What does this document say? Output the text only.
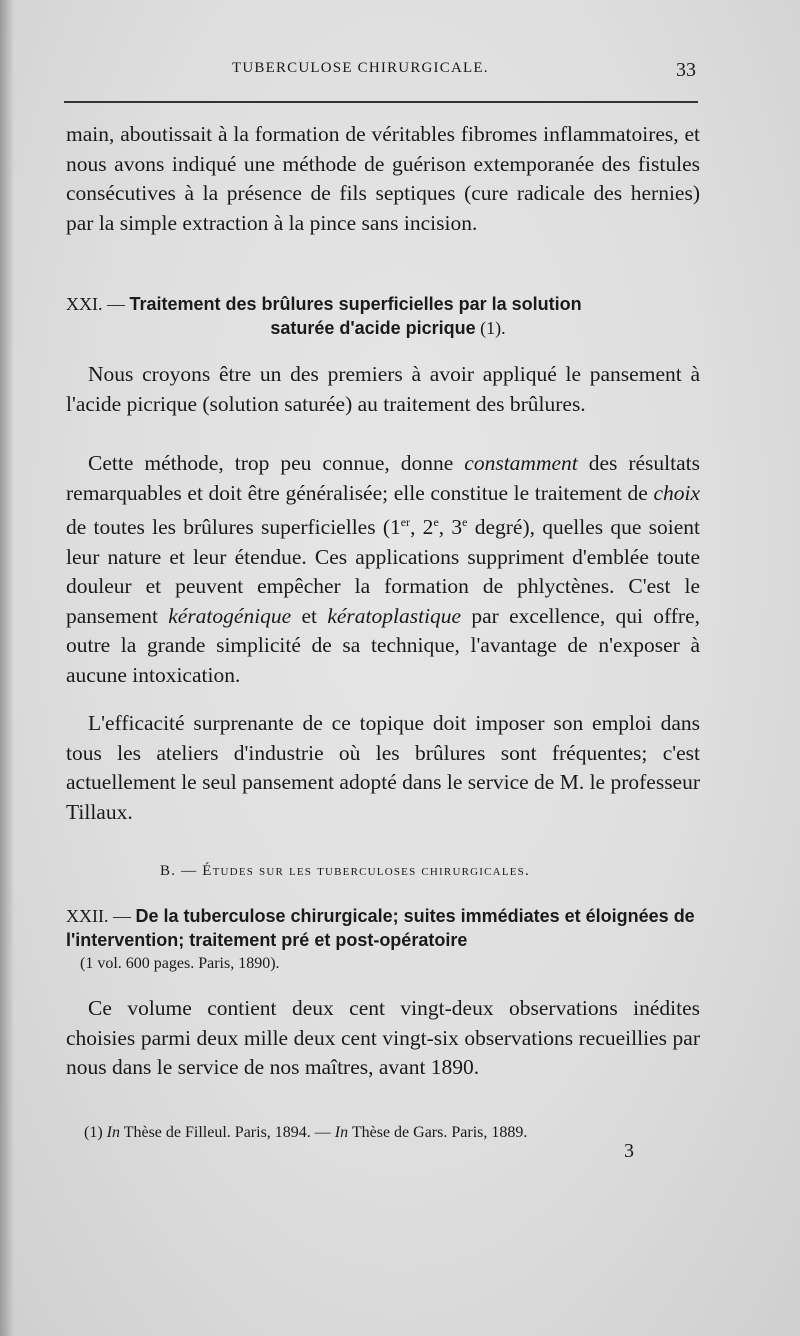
TUBERCULOSE CHIRURGICALE.	33
main, aboutissait à la formation de véritables fibromes inflammatoires, et nous avons indiqué une méthode de guérison extemporanée des fistules consécutives à la présence de fils septiques (cure radicale des hernies) par la simple extraction à la pince sans incision.
XXI. — Traitement des brûlures superficielles par la solution
saturée d'acide picrique (1).
Nous croyons être un des premiers à avoir appliqué le pansement à l'acide picrique (solution saturée) au traitement des brûlures.
Cette méthode, trop peu connue, donne constamment des résultats remarquables et doit être généralisée; elle constitue le traitement de choix de toutes les brûlures superficielles (1er, 2e, 3e degré), quelles que soient leur nature et leur étendue. Ces applications suppriment d'emblée toute douleur et peuvent empêcher la formation de phlyctènes. C'est le pansement kératogénique et kératoplastique par excellence, qui offre, outre la grande simplicité de sa technique, l'avantage de n'exposer à aucune intoxication.
L'efficacité surprenante de ce topique doit imposer son emploi dans tous les ateliers d'industrie où les brûlures sont fréquentes; c'est actuellement le seul pansement adopté dans le service de M. le professeur Tillaux.
B. — Études sur les tuberculoses chirurgicales.
XXII. — De la tuberculose chirurgicale; suites immédiates et éloignées de l'intervention; traitement pré et post-opératoire
(1 vol. 600 pages. Paris, 1890).
Ce volume contient deux cent vingt-deux observations inédites choisies parmi deux mille deux cent vingt-six observations recueillies par nous dans le service de nos maîtres, avant 1890.
(1) In Thèse de Filleul. Paris, 1894. — In Thèse de Gars. Paris, 1889.
3
